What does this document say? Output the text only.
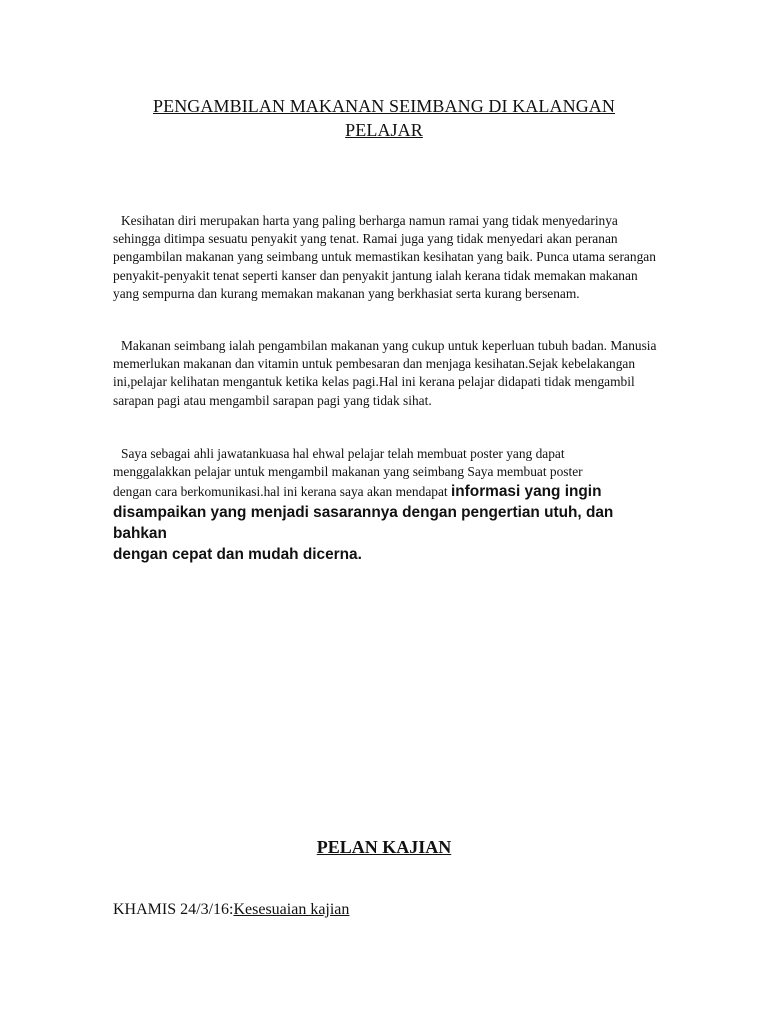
PENGAMBILAN MAKANAN SEIMBANG DI KALANGAN
PELAJAR

Kesihatan diri merupakan harta yang paling berharga namun ramai yang tidak menyedarinya sehingga ditimpa sesuatu penyakit yang tenat. Ramai juga yang tidak menyedari akan peranan pengambilan makanan yang seimbang untuk memastikan kesihatan yang baik. Punca utama serangan penyakit-penyakit tenat seperti kanser dan penyakit jantung ialah kerana tidak memakan makanan yang sempurna dan kurang memakan makanan yang berkhasiat serta kurang bersenam.

Makanan seimbang ialah pengambilan makanan yang cukup untuk keperluan tubuh badan. Manusia memerlukan makanan dan vitamin untuk pembesaran dan menjaga kesihatan.Sejak kebelakangan ini,pelajar kelihatan mengantuk ketika kelas pagi.Hal ini kerana pelajar didapati tidak mengambil sarapan pagi atau mengambil sarapan pagi yang tidak sihat.

Saya sebagai ahli jawatankuasa hal ehwal pelajar telah membuat poster yang dapat
menggalakkan pelajar untuk mengambil makanan yang seimbang Saya membuat poster
dengan cara berkomunikasi.hal ini kerana saya akan mendapat informasi yang ingin
disampaikan yang menjadi sasarannya dengan pengertian utuh, dan bahkan
dengan cepat dan mudah dicerna.

PELAN KAJIAN
KHAMIS 24/3/16:Kesesuaian kajian
